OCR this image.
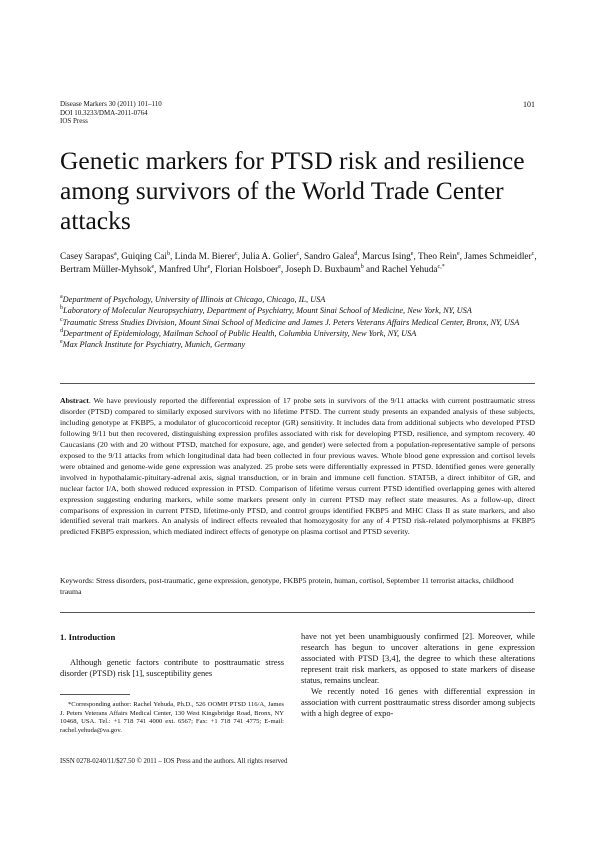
Disease Markers 30 (2011) 101–110
DOI 10.3233/DMA-2011-0764
IOS Press
101
Genetic markers for PTSD risk and resilience among survivors of the World Trade Center attacks
Casey Sarapas$^a$, Guiqing Cai$^b$, Linda M. Bierer$^c$, Julia A. Golier$^c$, Sandro Galea$^d$, Marcus Ising$^e$, Theo Rein$^e$, James Schmeidler$^c$, Bertram Müller-Myhsok$^e$, Manfred Uhr$^e$, Florian Holsboer$^e$, Joseph D. Buxbaum$^b$ and Rachel Yehuda$^{c,*}$
$^a$Department of Psychology, University of Illinois at Chicago, Chicago, IL, USA
$^b$Laboratory of Molecular Neuropsychiatry, Department of Psychiatry, Mount Sinai School of Medicine, New York, NY, USA
$^c$Traumatic Stress Studies Division, Mount Sinai School of Medicine and James J. Peters Veterans Affairs Medical Center, Bronx, NY, USA
$^d$Department of Epidemiology, Mailman School of Public Health, Columbia University, New York, NY, USA
$^e$Max Planck Institute for Psychiatry, Munich, Germany
Abstract. We have previously reported the differential expression of 17 probe sets in survivors of the 9/11 attacks with current posttraumatic stress disorder (PTSD) compared to similarly exposed survivors with no lifetime PTSD. The current study presents an expanded analysis of these subjects, including genotype at FKBP5, a modulator of glucocorticoid receptor (GR) sensitivity. It includes data from additional subjects who developed PTSD following 9/11 but then recovered, distinguishing expression profiles associated with risk for developing PTSD, resilience, and symptom recovery. 40 Caucasians (20 with and 20 without PTSD, matched for exposure, age, and gender) were selected from a population-representative sample of persons exposed to the 9/11 attacks from which longitudinal data had been collected in four previous waves. Whole blood gene expression and cortisol levels were obtained and genome-wide gene expression was analyzed. 25 probe sets were differentially expressed in PTSD. Identified genes were generally involved in hypothalamic-pituitary-adrenal axis, signal transduction, or in brain and immune cell function. STAT5B, a direct inhibitor of GR, and nuclear factor I/A, both showed reduced expression in PTSD. Comparison of lifetime versus current PTSD identified overlapping genes with altered expression suggesting enduring markers, while some markers present only in current PTSD may reflect state measures. As a follow-up, direct comparisons of expression in current PTSD, lifetime-only PTSD, and control groups identified FKBP5 and MHC Class II as state markers, and also identified several trait markers. An analysis of indirect effects revealed that homozygosity for any of 4 PTSD risk-related polymorphisms at FKBP5 predicted FKBP5 expression, which mediated indirect effects of genotype on plasma cortisol and PTSD severity.
Keywords: Stress disorders, post-traumatic, gene expression, genotype, FKBP5 protein, human, cortisol, September 11 terrorist attacks, childhood trauma

1. Introduction

Although genetic factors contribute to posttraumatic stress disorder (PTSD) risk [1], susceptibility genes

*Corresponding author: Rachel Yehuda, Ph.D., 526 OOMH PTSD 116/A, James J. Peters Veterans Affairs Medical Center, 130 West Kingsbridge Road, Bronx, NY 10468, USA. Tel.: +1 718 741 4000 ext. 6567; Fax: +1 718 741 4775; E-mail: rachel.yehuda@va.gov.

have not yet been unambiguously confirmed [2]. Moreover, while research has begun to uncover alterations in gene expression associated with PTSD [3,4], the degree to which these alterations represent trait risk markers, as opposed to state markers of disease status, remains unclear.

We recently noted 16 genes with differential expression in association with current posttraumatic stress disorder among subjects with a high degree of expo-

ISSN 0278-0240/11/$27.50 © 2011 – IOS Press and the authors. All rights reserved
